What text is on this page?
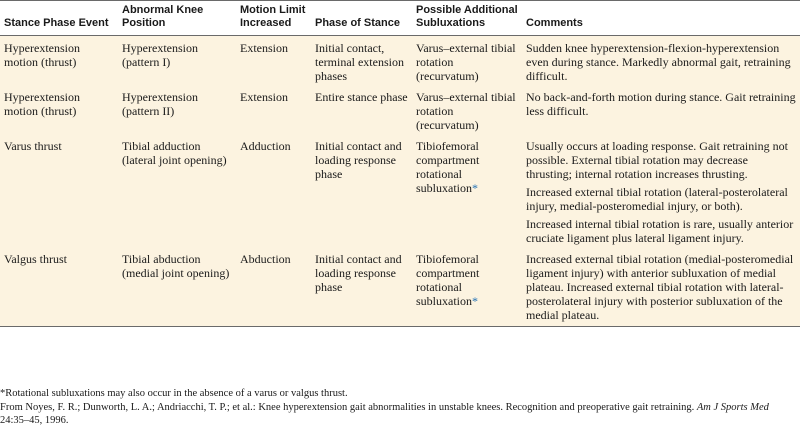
Stance Phase Event	Abnormal Knee Position	Motion Limit Increased	Phase of Stance	Possible Additional Subluxations	Comments
Hyperextension motion (thrust)	Hyperextension (pattern I)	Extension	Initial contact, terminal extension phases	Varus–external tibial rotation (recurvatum)	Sudden knee hyperextension-flexion-hyperextension even during stance. Markedly abnormal gait, retraining difficult.

Hyperextension motion (thrust)	Hyperextension (pattern II)	Extension	Entire stance phase	Varus–external tibial rotation (recurvatum)	No back-and-forth motion during stance. Gait retraining less difficult.

Varus thrust	Tibial adduction (lateral joint opening)	Adduction	Initial contact and loading response phase	Tibiofemoral compartment rotational subluxation*	Usually occurs at loading response. Gait retraining not possible. External tibial rotation may decrease thrusting; internal rotation increases thrusting.
Increased external tibial rotation (lateral-posterolateral injury, medial-posteromedial injury, or both).
Increased internal tibial rotation is rare, usually anterior cruciate ligament plus lateral ligament injury.

Valgus thrust	Tibial abduction (medial joint opening)	Abduction	Initial contact and loading response phase	Tibiofemoral compartment rotational subluxation*	Increased external tibial rotation (medial-posteromedial ligament injury) with anterior subluxation of medial plateau. Increased external tibial rotation with lateral-posterolateral injury with posterior subluxation of the medial plateau.

*Rotational subluxations may also occur in the absence of a varus or valgus thrust.

From Noyes, F. R.; Dunworth, L. A.; Andriacchi, T. P.; et al.: Knee hyperextension gait abnormalities in unstable knees. Recognition and preoperative gait retraining. Am J Sports Med 24:35–45, 1996.
